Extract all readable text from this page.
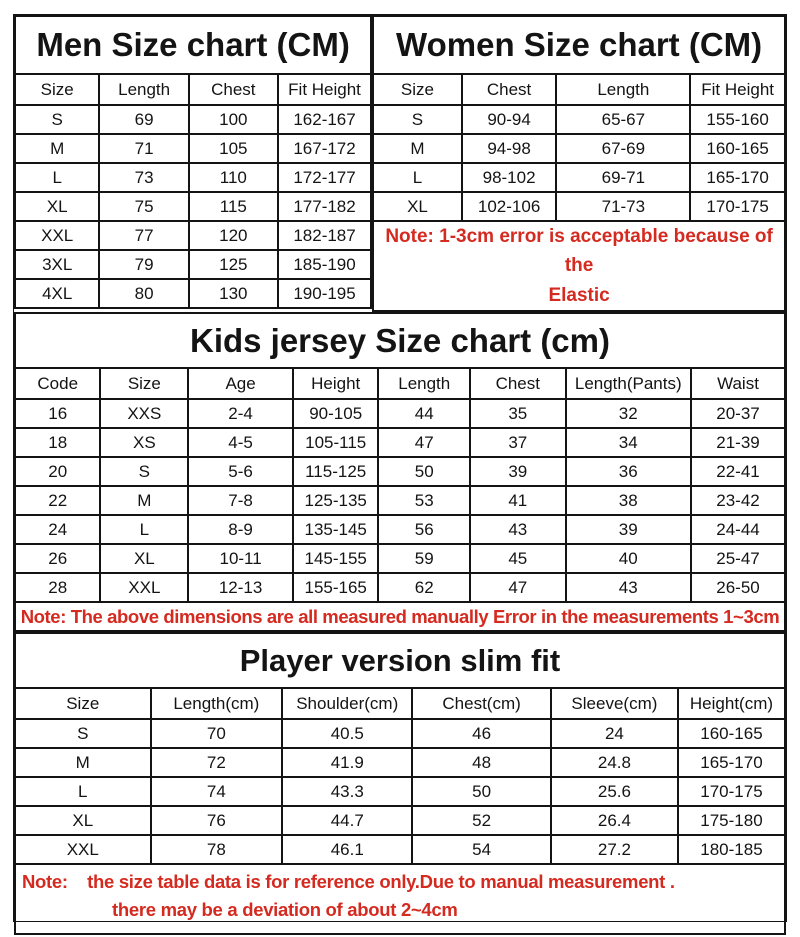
Men Size chart (CM)			
Size	Length	Chest	Fit Height
S	69	100	162-167
M	71	105	167-172
L	73	110	172-177
XL	75	115	177-182
XXL	77	120	182-187
3XL	79	125	185-190
4XL	80	130	190-195
Women Size chart (CM)			
Size	Chest	Length	Fit Height
S	90-94	65-67	155-160
M	94-98	67-69	160-165
L	98-102	69-71	165-170
XL	102-106	71-73	170-175

Note: 1-3cm error is acceptable because of the
Elastic			
Kids jersey Size chart (cm)							
Code	Size	Age	Height	Length	Chest	Length(Pants)	Waist
16	XXS	2-4	90-105	44	35	32	20-37
18	XS	4-5	105-115	47	37	34	21-39
20	S	5-6	115-125	50	39	36	22-41
22	M	7-8	125-135	53	41	38	23-42
24	L	8-9	135-145	56	43	39	24-44
26	XL	10-11	145-155	59	45	40	25-47
28	XXL	12-13	155-165	62	47	43	26-50
Note: The above dimensions are all measured manually Error in the measurements 1~3cm							
Player version slim fit					
Size	Length(cm)	Shoulder(cm)	Chest(cm)	Sleeve(cm)	Height(cm)
S	70	40.5	46	24	160-165
M	72	41.9	48	24.8	165-170
L	74	43.3	50	25.6	170-175
XL	76	44.7	52	26.4	175-180
XXL	78	46.1	54	27.2	180-185

Note:    the size table data is for reference only.Due to manual measurement .
there may be a deviation of about 2~4cm					
